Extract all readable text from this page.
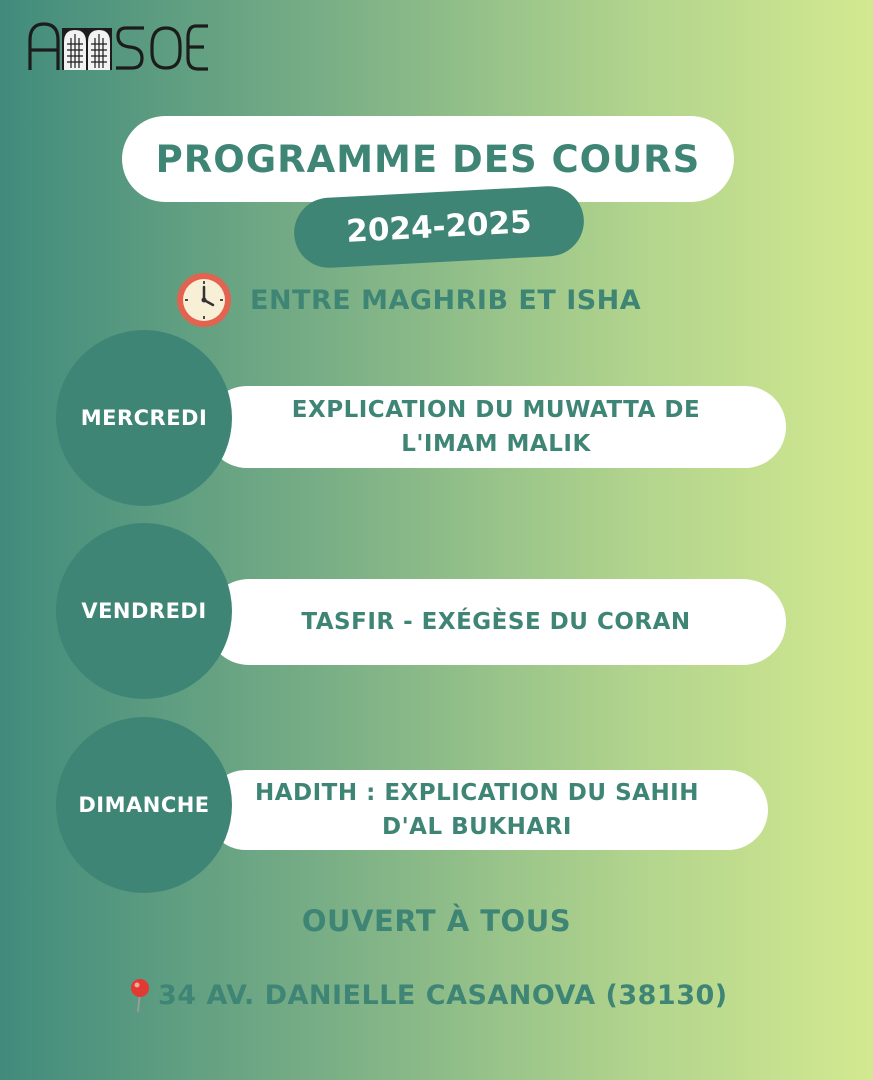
PROGRAMME DES COURS
2024-2025
ENTRE MAGHRIB ET ISHA
EXPLICATION DU MUWATTA DE
L'IMAM MALIK
MERCREDI
TASFIR - EXÉGÈSE DU CORAN
VENDREDI
HADITH : EXPLICATION DU SAHIH
D'AL BUKHARI
DIMANCHE
OUVERT À TOUS
34 AV. DANIELLE CASANOVA (38130)
